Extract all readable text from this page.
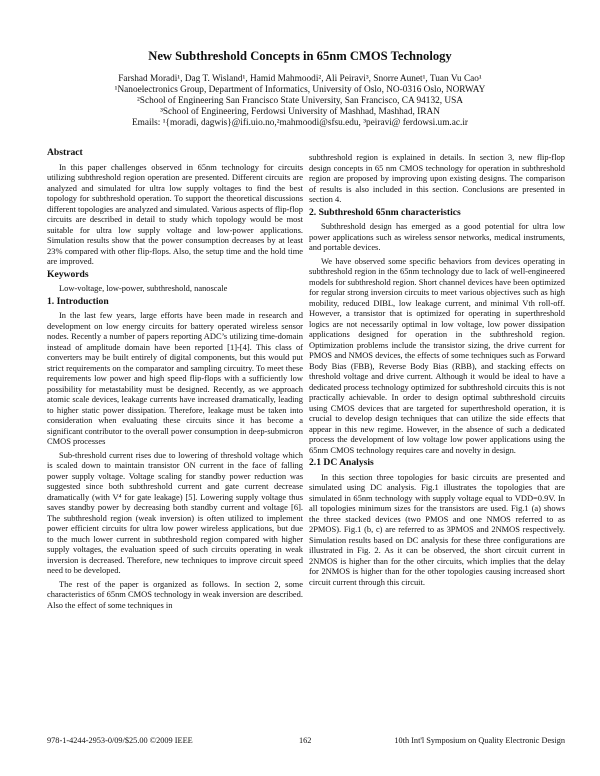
New Subthreshold Concepts in 65nm CMOS Technology

Farshad Moradi¹, Dag T. Wisland¹, Hamid Mahmoodi², Ali Peiravi³, Snorre Aunet¹, Tuan Vu Cao¹

¹Nanoelectronics Group, Department of Informatics, University of Oslo, NO-0316 Oslo, NORWAY

²School of Engineering San Francisco State University, San Francisco, CA 94132, USA

³School of Engineering, Ferdowsi University of Mashhad, Mashhad, IRAN

Emails: ¹{moradi, dagwis}@ifi.uio.no,²mahmoodi@sfsu.edu, ³peiravi@ ferdowsi.um.ac.ir

Abstract

In this paper challenges observed in 65nm technology for circuits utilizing subthreshold region operation are presented. Different circuits are analyzed and simulated for ultra low supply voltages to find the best topology for subthreshold operation. To support the theoretical discussions different topologies are analyzed and simulated. Various aspects of flip-flop circuits are described in detail to study which topology would be most suitable for ultra low supply voltage and low-power applications. Simulation results show that the power consumption decreases by at least 23% compared with other flip-flops. Also, the setup time and the hold time are improved.

Keywords

Low-voltage, low-power, subthreshold, nanoscale

1. Introduction

In the last few years, large efforts have been made in research and development on low energy circuits for battery operated wireless sensor nodes. Recently a number of papers reporting ADC’s utilizing time-domain instead of amplitude domain have been reported [1]-[4]. This class of converters may be built entirely of digital components, but this would put strict requirements on the comparator and sampling circuitry. To meet these requirements low power and high speed flip-flops with a sufficiently low possibility for metastability must be designed. Recently, as we approach atomic scale devices, leakage currents have increased dramatically, leading to higher static power dissipation. Therefore, leakage must be taken into consideration when evaluating these circuits since it has become a significant contributor to the overall power consumption in deep-submicron CMOS processes

Sub-threshold current rises due to lowering of threshold voltage which is scaled down to maintain transistor ON current in the face of falling power supply voltage. Voltage scaling for standby power reduction was suggested since both subthreshold current and gate current decrease dramatically (with V⁴ for gate leakage) [5]. Lowering supply voltage thus saves standby power by decreasing both standby current and voltage [6]. The subthreshold region (weak inversion) is often utilized to implement power efficient circuits for ultra low power wireless applications, but due to the much lower current in subthreshold region compared with higher supply voltages, the evaluation speed of such circuits operating in weak inversion is decreased. Therefore, new techniques to improve circuit speed need to be developed.

The rest of the paper is organized as follows. In section 2, some characteristics of 65nm CMOS technology in weak inversion are described. Also the effect of some techniques in

subthreshold region is explained in details. In section 3, new flip-flop design concepts in 65 nm CMOS technology for operation in subthreshold region are proposed by improving upon existing designs. The comparison of results is also included in this section. Conclusions are presented in section 4.

2. Subthreshold 65nm characteristics

Subthreshold design has emerged as a good potential for ultra low power applications such as wireless sensor networks, medical instruments, and portable devices.

We have observed some specific behaviors from devices operating in subthreshold region in the 65nm technology due to lack of well-engineered models for subthreshold region. Short channel devices have been optimized for regular strong inversion circuits to meet various objectives such as high mobility, reduced DIBL, low leakage current, and minimal Vth roll-off. However, a transistor that is optimized for operating in superthreshold logics are not necessarily optimal in low voltage, low power dissipation applications designed for operation in the subthreshold region. Optimization problems include the transistor sizing, the drive current for PMOS and NMOS devices, the effects of some techniques such as Forward Body Bias (FBB), Reverse Body Bias (RBB), and stacking effects on threshold voltage and drive current. Although it would be ideal to have a dedicated process technology optimized for subthreshold circuits this is not practically achievable. In order to design optimal subthreshold circuits using CMOS devices that are targeted for superthreshold operation, it is crucial to develop design techniques that can utilize the side effects that appear in this new regime. However, in the absence of such a dedicated process the development of low voltage low power applications using the 65nm CMOS technology requires care and novelty in design.

2.1 DC Analysis

In this section three topologies for basic circuits are presented and simulated using DC analysis. Fig.1 illustrates the topologies that are simulated in 65nm technology with supply voltage equal to VDD=0.9V. In all topologies minimum sizes for the transistors are used. Fig.1 (a) shows the three stacked devices (two PMOS and one NMOS referred to as 2PMOS). Fig.1 (b, c) are referred to as 3PMOS and 2NMOS respectively. Simulation results based on DC analysis for these three configurations are illustrated in Fig. 2. As it can be observed, the short circuit current in 2NMOS is higher than for the other circuits, which implies that the delay for 2NMOS is higher than for the other topologies causing increased short circuit current through this circuit.

978-1-4244-2953-0/09/$25.00 ©2009 IEEE	162	10th Int'l Symposium on Quality Electronic Design
